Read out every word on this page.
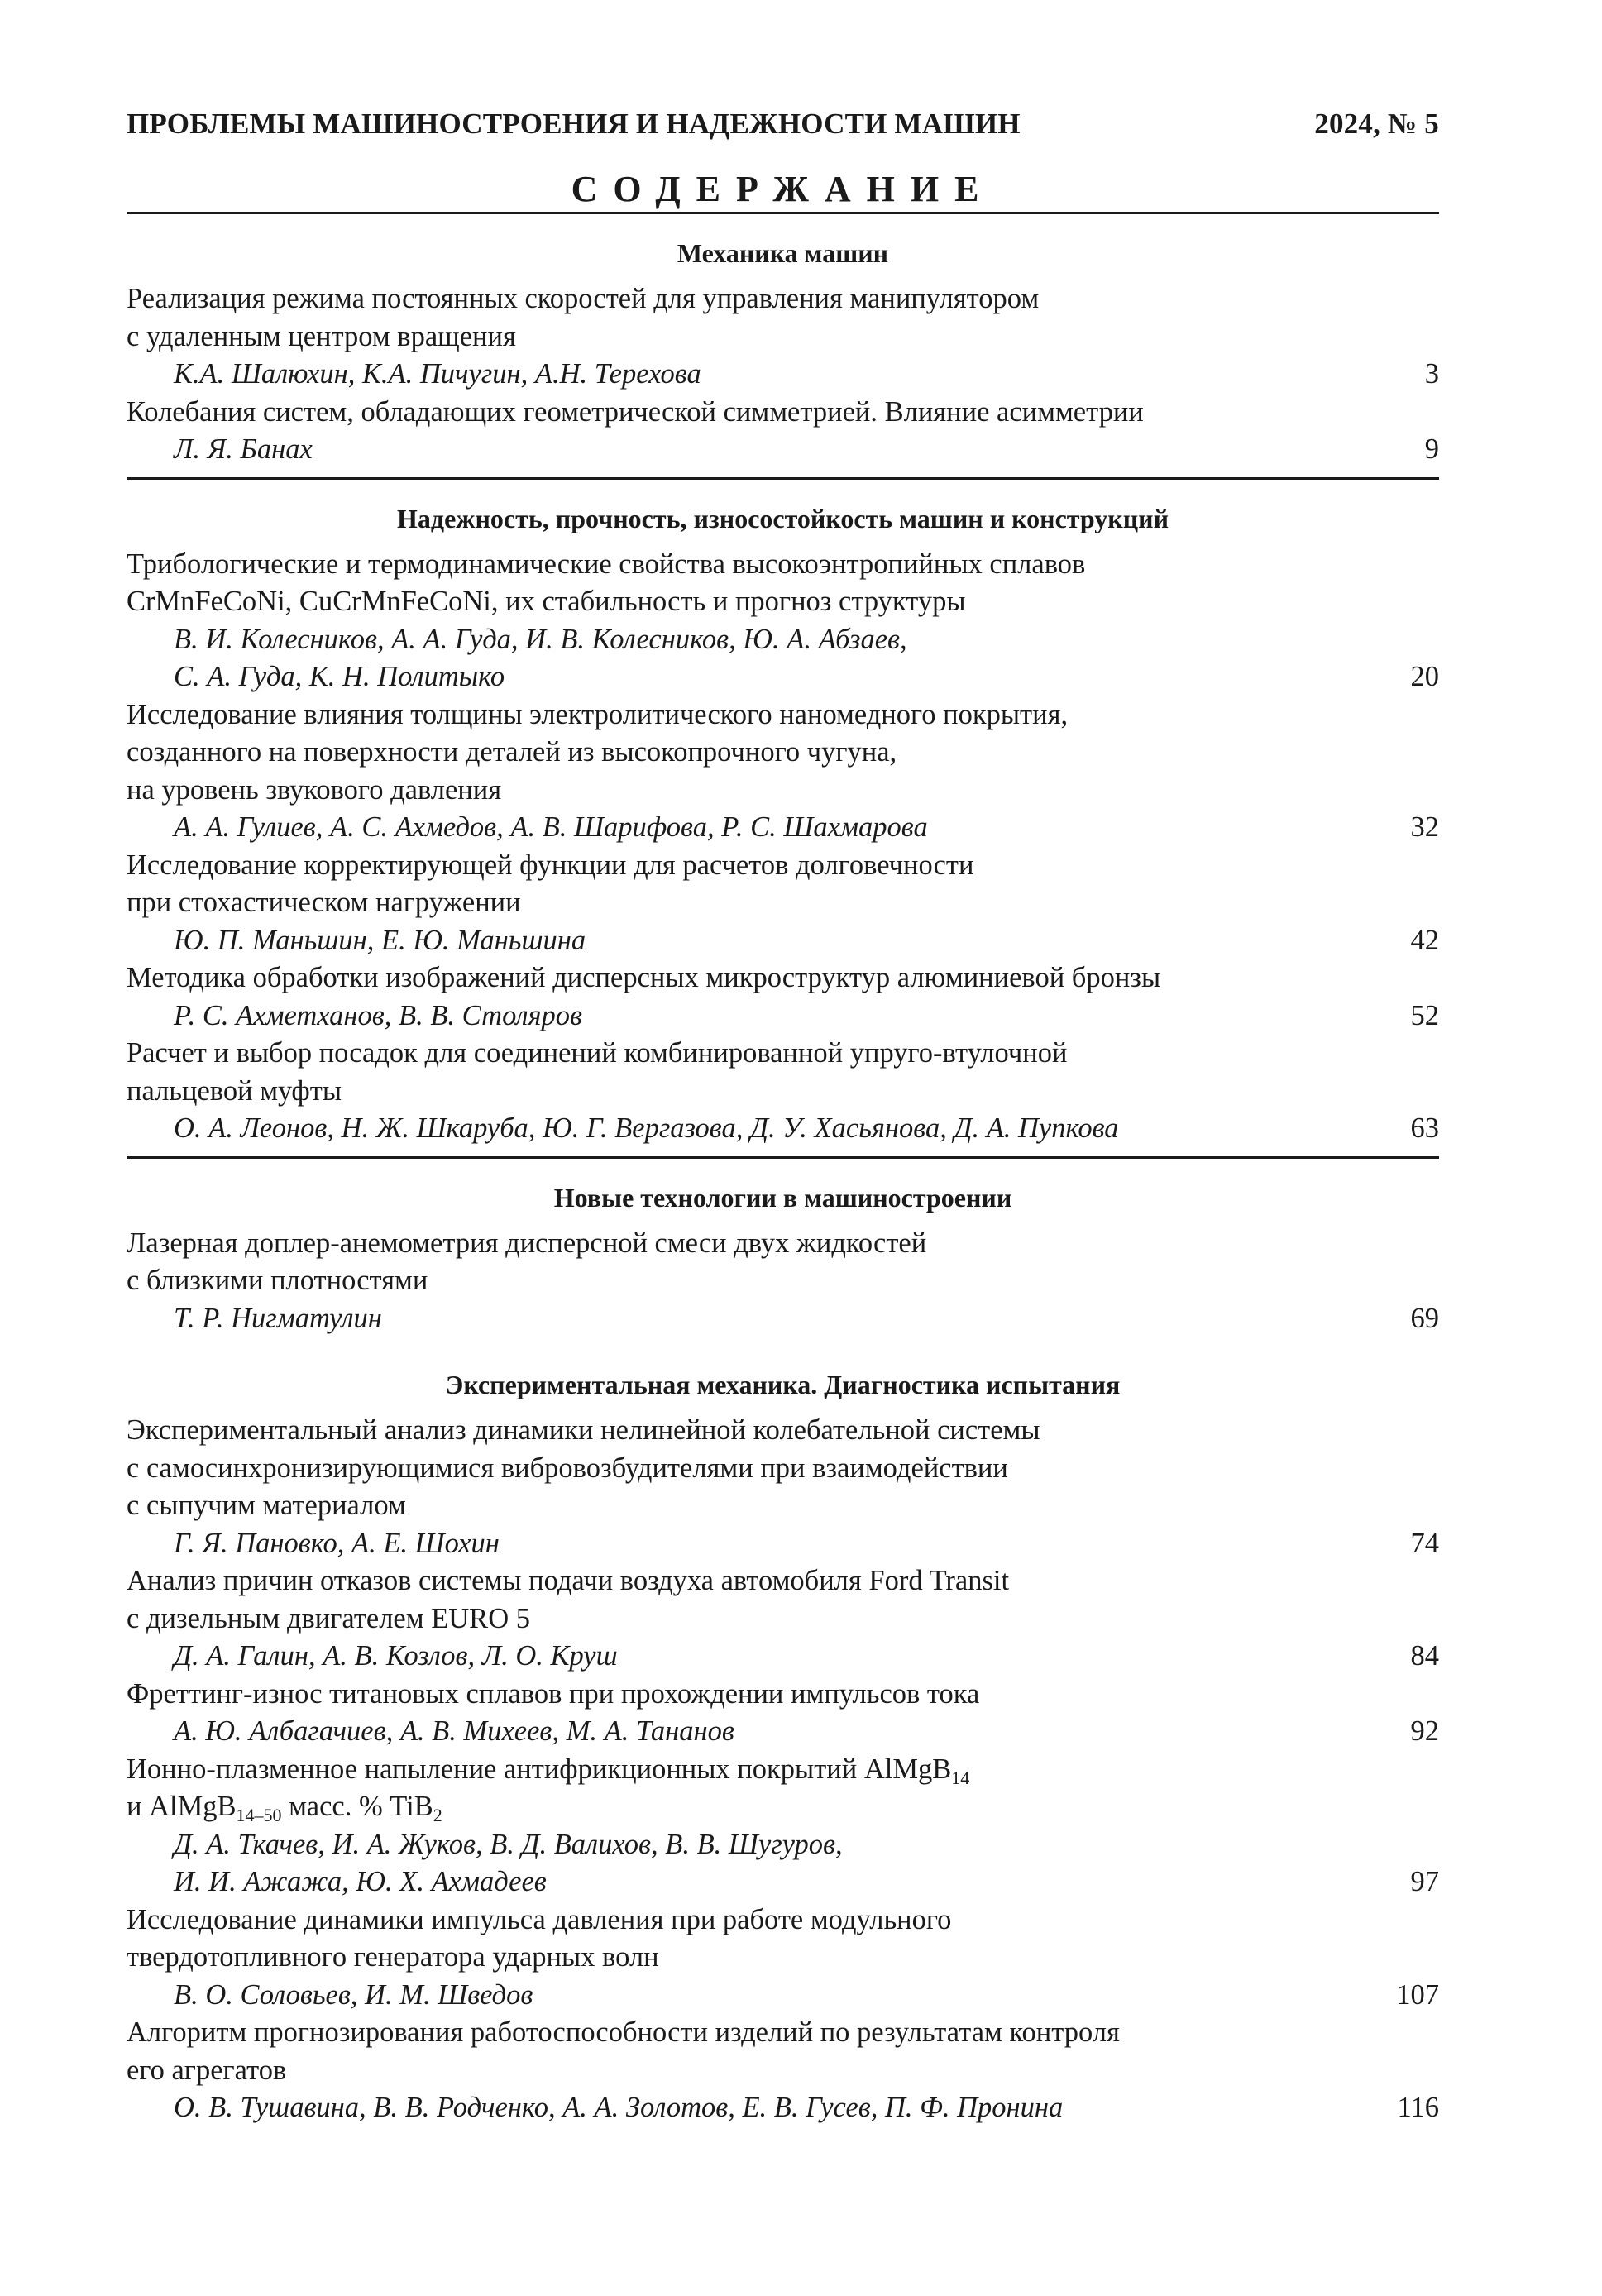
ПРОБЛЕМЫ МАШИНОСТРОЕНИЯ И НАДЕЖНОСТИ МАШИН	2024, № 5
СОДЕРЖАНИЕ
Механика машин
Реализация режима постоянных скоростей для управления манипулятором
с удаленным центром вращения
К.А. Шалюхин, К.А. Пичугин, А.Н. Терехова	3
Колебания систем, обладающих геометрической симметрией. Влияние асимметрии
Л. Я. Банах	9
Надежность, прочность, износостойкость машин и конструкций
Трибологические и термодинамические свойства высокоэнтропийных сплавов
CrMnFeCoNi, CuCrMnFeCoNi, их стабильность и прогноз структуры
В. И. Колесников, А. А. Гуда, И. В. Колесников, Ю. А. Абзаев,
С. А. Гуда, К. Н. Политыко	20
Исследование влияния толщины электролитического наномедного покрытия,
созданного на поверхности деталей из высокопрочного чугуна,
на уровень звукового давления
А. А. Гулиев, А. С. Ахмедов, А. В. Шарифова, Р. С. Шахмарова	32
Исследование корректирующей функции для расчетов долговечности
при стохастическом нагружении
Ю. П. Маньшин, Е. Ю. Маньшина	42
Методика обработки изображений дисперсных микроструктур алюминиевой бронзы
Р. С. Ахметханов, В. В. Столяров	52
Расчет и выбор посадок для соединений комбинированной упруго-втулочной
пальцевой муфты
О. А. Леонов, Н. Ж. Шкаруба, Ю. Г. Вергазова, Д. У. Хасьянова, Д. А. Пупкова	63
Новые технологии в машиностроении
Лазерная доплер-анемометрия дисперсной смеси двух жидкостей
с близкими плотностями
Т. Р. Нигматулин	69
Экспериментальная механика. Диагностика испытания
Экспериментальный анализ динамики нелинейной колебательной системы
с самосинхронизирующимися вибровозбудителями при взаимодействии
с сыпучим материалом
Г. Я. Пановко, А. Е. Шохин	74
Анализ причин отказов системы подачи воздуха автомобиля Ford Transit
с дизельным двигателем EURO 5
Д. А. Галин, А. В. Козлов, Л. О. Круш	84
Фреттинг-износ титановых сплавов при прохождении импульсов тока
А. Ю. Албагачиев, А. В. Михеев, М. А. Тананов	92
Ионно-плазменное напыление антифрикционных покрытий AlMgB$_{14}$
и AlMgB$_{14-50}$ масс. % TiB$_2$
Д. А. Ткачев, И. А. Жуков, В. Д. Валихов, В. В. Шугуров,
И. И. Ажажа, Ю. Х. Ахмадеев	97
Исследование динамики импульса давления при работе модульного
твердотопливного генератора ударных волн
В. О. Соловьев, И. М. Шведов	107
Алгоритм прогнозирования работоспособности изделий по результатам контроля
его агрегатов
О. В. Тушавина, В. В. Родченко, А. А. Золотов, Е. В. Гусев, П. Ф. Пронина	116
